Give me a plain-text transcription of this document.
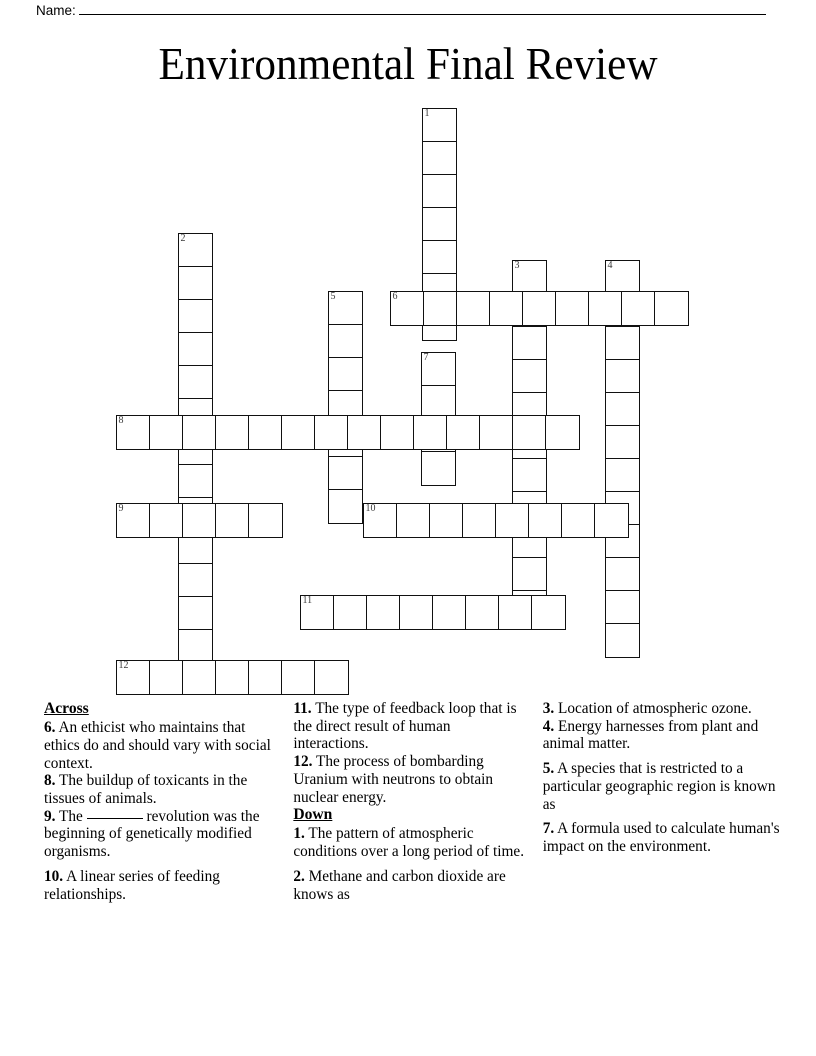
Name:
Environmental Final Review
1
2
3	4
5	6
7
8
9	10
11
12
Across
6. An ethicist who maintains that ethics do and should vary with social context.
8. The buildup of toxicants in the tissues of animals.
9. The	revolution was the beginning of genetically modified organisms.
10. A linear series of feeding relationships.
11. The type of feedback loop that is the direct result of human interactions.
12. The process of bombarding Uranium with neutrons to obtain nuclear energy.
Down
1. The pattern of atmospheric conditions over a long period of time.
2. Methane and carbon dioxide are knows as
3. Location of atmospheric ozone.
4. Energy harnesses from plant and animal matter.
5. A species that is restricted to a particular geographic region is known as
7. A formula used to calculate human's impact on the environment.
